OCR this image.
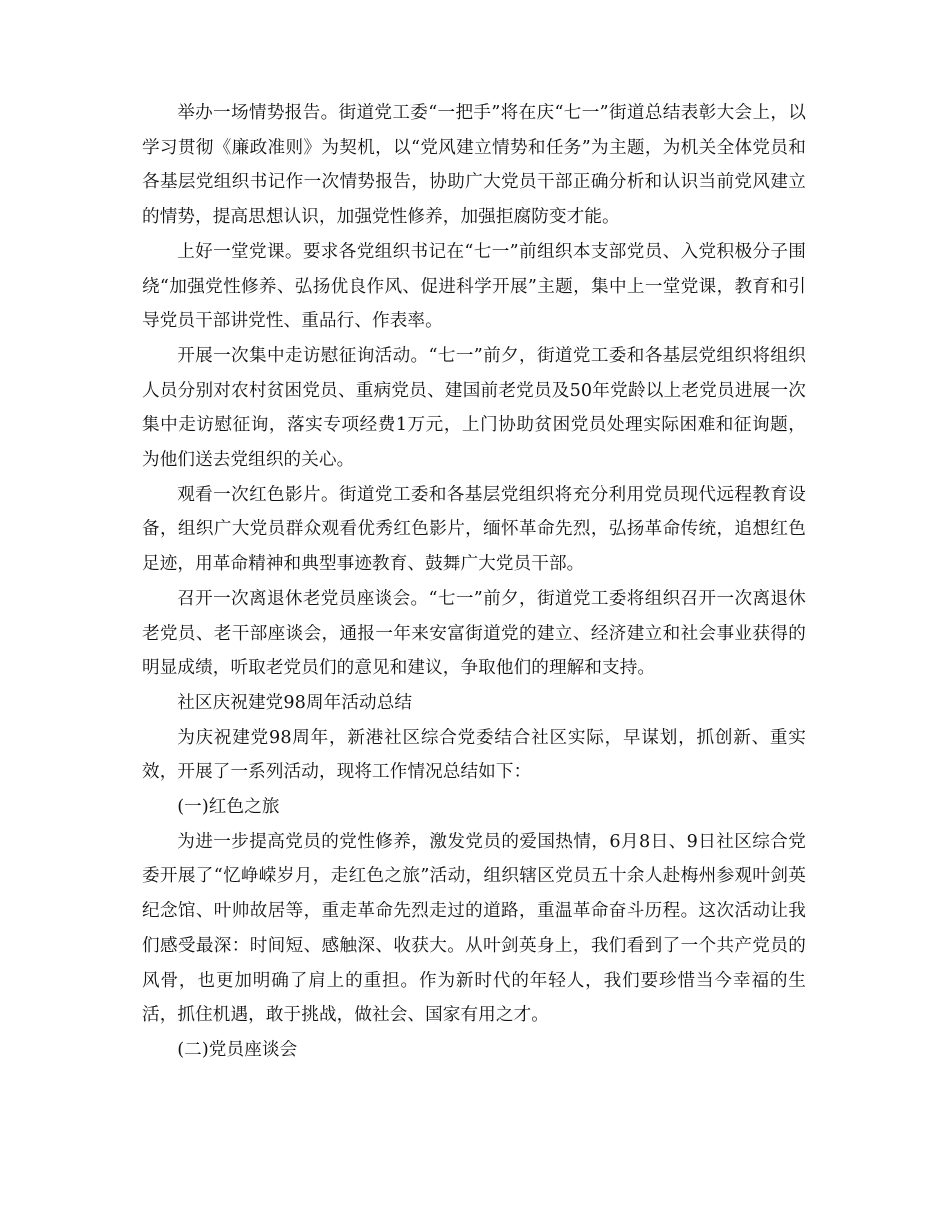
举办一场情势报告。街道党工委“一把手”将在庆“七一”街道总结表彰大会上，以学习贯彻《廉政准则》为契机，以“党风建立情势和任务”为主题，为机关全体党员和各基层党组织书记作一次情势报告，协助广大党员干部正确分析和认识当前党风建立的情势，提高思想认识，加强党性修养，加强拒腐防变才能。

上好一堂党课。要求各党组织书记在“七一”前组织本支部党员、入党积极分子围绕“加强党性修养、弘扬优良作风、促进科学开展”主题，集中上一堂党课，教育和引导党员干部讲党性、重品行、作表率。

开展一次集中走访慰征询活动。“七一”前夕，街道党工委和各基层党组织将组织人员分别对农村贫困党员、重病党员、建国前老党员及50年党龄以上老党员进展一次集中走访慰征询，落实专项经费1万元，上门协助贫困党员处理实际困难和征询题，为他们送去党组织的关心。

观看一次红色影片。街道党工委和各基层党组织将充分利用党员现代远程教育设备，组织广大党员群众观看优秀红色影片，缅怀革命先烈，弘扬革命传统，追想红色足迹，用革命精神和典型事迹教育、鼓舞广大党员干部。

召开一次离退休老党员座谈会。“七一”前夕，街道党工委将组织召开一次离退休老党员、老干部座谈会，通报一年来安富街道党的建立、经济建立和社会事业获得的明显成绩，听取老党员们的意见和建议，争取他们的理解和支持。

社区庆祝建党98周年活动总结

为庆祝建党98周年，新港社区综合党委结合社区实际，早谋划，抓创新、重实效，开展了一系列活动，现将工作情况总结如下：

(一)红色之旅

为进一步提高党员的党性修养，激发党员的爱国热情，6月8日、9日社区综合党委开展了“忆峥嵘岁月，走红色之旅”活动，组织辖区党员五十余人赴梅州参观叶剑英纪念馆、叶帅故居等，重走革命先烈走过的道路，重温革命奋斗历程。这次活动让我们感受最深：时间短、感触深、收获大。从叶剑英身上，我们看到了一个共产党员的风骨，也更加明确了肩上的重担。作为新时代的年轻人，我们要珍惜当今幸福的生活，抓住机遇，敢于挑战，做社会、国家有用之才。

(二)党员座谈会
